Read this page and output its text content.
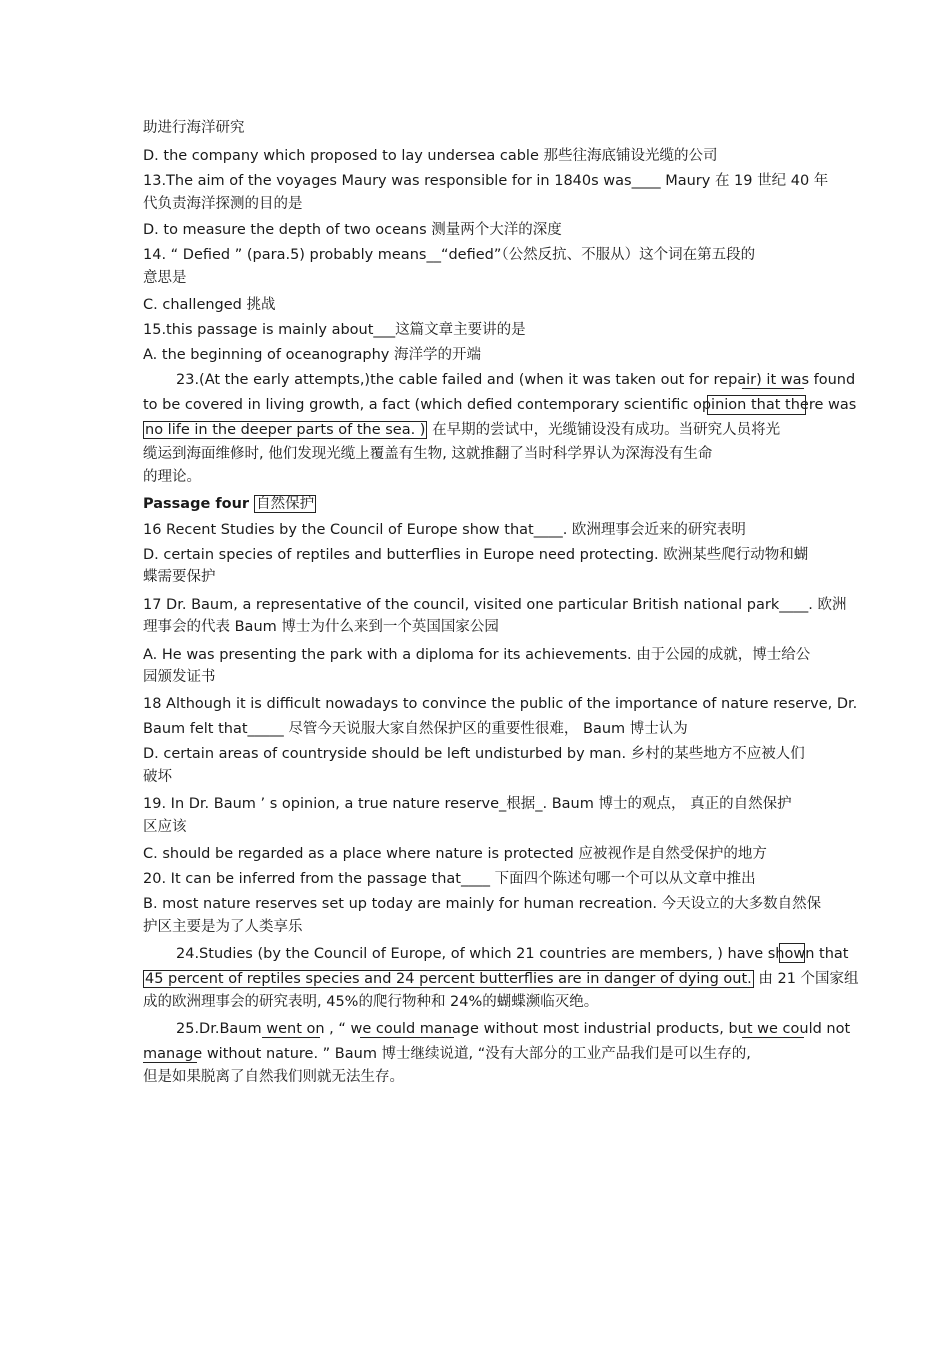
助进行海洋研究
D. the company which proposed to lay undersea cable 那些往海底铺设光缆的公司
13.The aim of the voyages Maury was responsible for in 1840s was____ Maury 在 19 世纪 40 年
代负责海洋探测的目的是
D. to measure the depth of two oceans 测量两个大洋的深度
14. “ Defied ” (para.5) probably means__“defied”（公然反抗、不服从）这个词在第五段的
意思是
C. challenged 挑战
15.this passage is mainly about___这篇文章主要讲的是
A. the beginning of oceanography 海洋学的开端
23.(At the early attempts,)the cable failed and (when it was taken out for repair) it was found
to be covered in living growth, a fact (which defied contemporary scientific opinion that there was
no life in the deeper parts of the sea. ) 在早期的尝试中，光缆铺设没有成功。当研究人员将光
缆运到海面维修时, 他们发现光缆上覆盖有生物, 这就推翻了当时科学界认为深海没有生命
的理论。
Passage four 自然保护
16 Recent Studies by the Council of Europe show that____. 欧洲理事会近来的研究表明
D. certain species of reptiles and butterflies in Europe need protecting. 欧洲某些爬行动物和蝴
蝶需要保护
17 Dr. Baum, a representative of the council, visited one particular British national park____. 欧洲
理事会的代表 Baum 博士为什么来到一个英国国家公园
A. He was presenting the park with a diploma for its achievements. 由于公园的成就，博士给公
园颁发证书
18 Although it is difficult nowadays to convince the public of the importance of nature reserve, Dr.
Baum felt that_____ 尽管今天说服大家自然保护区的重要性很难， Baum 博士认为
D. certain areas of countryside should be left undisturbed by man. 乡村的某些地方不应被人们
破坏
19. In Dr. Baum ’ s opinion, a true nature reserve_根据_. Baum 博士的观点， 真正的自然保护
区应该
C. should be regarded as a place where nature is protected 应被视作是自然受保护的地方
20. It can be inferred from the passage that____ 下面四个陈述句哪一个可以从文章中推出
B. most nature reserves set up today are mainly for human recreation. 今天设立的大多数自然保
护区主要是为了人类享乐
24.Studies (by the Council of Europe, of which 21 countries are members, ) have shown that
45 percent of reptiles species and 24 percent butterflies are in danger of dying out. 由 21 个国家组
成的欧洲理事会的研究表明, 45%的爬行物种和 24%的蝴蝶濒临灭绝。
25.Dr.Baum went on , “ we could manage without most industrial products, but we could not
manage without nature. ” Baum 博士继续说道, “没有大部分的工业产品我们是可以生存的,
但是如果脱离了自然我们则就无法生存。
